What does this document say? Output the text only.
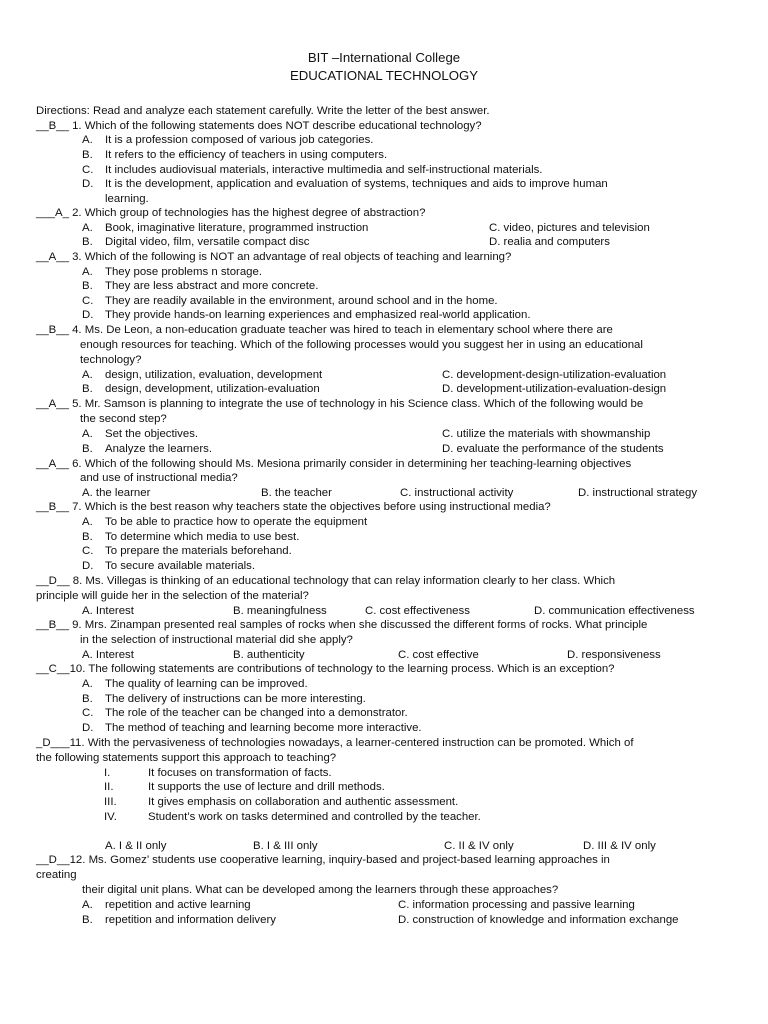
BIT –International College
EDUCATIONAL TECHNOLOGY
Directions: Read and analyze each statement carefully. Write the letter of the best answer.
__B__ 1. Which of the following statements does NOT describe educational technology?
A. It is a profession composed of various job categories.
B. It refers to the efficiency of teachers in using computers.
C. It includes audiovisual materials, interactive multimedia and self-instructional materials.
D. It is the development, application and evaluation of systems, techniques and aids to improve human
learning.
___A_ 2. Which group of technologies has the highest degree of abstraction?
A. Book, imaginative literature, programmed instruction	C. video, pictures and television
B. Digital video, film, versatile compact disc	D. realia and computers
__A__ 3. Which of the following is NOT an advantage of real objects of teaching and learning?
A. They pose problems n storage.
B. They are less abstract and more concrete.
C. They are readily available in the environment, around school and in the home.
D. They provide hands-on learning experiences and emphasized real-world application.
__B__ 4. Ms. De Leon, a non-education graduate teacher was hired to teach in elementary school where there are
enough resources for teaching. Which of the following processes would you suggest her in using an educational
technology?
A. design, utilization, evaluation, development	C. development-design-utilization-evaluation
B. design, development, utilization-evaluation	D. development-utilization-evaluation-design
__A__ 5. Mr. Samson is planning to integrate the use of technology in his Science class. Which of the following would be
the second step?
A. Set the objectives.	C. utilize the materials with showmanship
B. Analyze the learners.	D. evaluate the performance of the students
__A__ 6. Which of the following should Ms. Mesiona primarily consider in determining her teaching-learning objectives
and use of instructional media?
A. the learner	B. the teacher	C. instructional activity	D. instructional strategy
__B__ 7. Which is the best reason why teachers state the objectives before using instructional media?
A. To be able to practice how to operate the equipment
B. To determine which media to use best.
C. To prepare the materials beforehand.
D. To secure available materials.
__D__ 8. Ms. Villegas is thinking of an educational technology that can relay information clearly to her class. Which
principle will guide her in the selection of the material?
A. Interest	B. meaningfulness	C. cost effectiveness	D. communication effectiveness
__B__ 9. Mrs. Zinampan presented real samples of rocks when she discussed the different forms of rocks. What principle
in the selection of instructional material did she apply?
A. Interest	B. authenticity	C. cost effective	D. responsiveness
__C__10. The following statements are contributions of technology to the learning process. Which is an exception?
A. The quality of learning can be improved.
B. The delivery of instructions can be more interesting.
C. The role of the teacher can be changed into a demonstrator.
D. The method of teaching and learning become more interactive.
_D___11. With the pervasiveness of technologies nowadays, a learner-centered instruction can be promoted. Which of
the following statements support this approach to teaching?
I.	It focuses on transformation of facts.
II.	It supports the use of lecture and drill methods.
III.	It gives emphasis on collaboration and authentic assessment.
IV.	Student’s work on tasks determined and controlled by the teacher.
A. I & II only	B. I & III only	C. II & IV only	D. III & IV only
__D__12. Ms. Gomez’ students use cooperative learning, inquiry-based and project-based learning approaches in
creating
their digital unit plans. What can be developed among the learners through these approaches?
A. repetition and active learning	C. information processing and passive learning
B. repetition and information delivery	D. construction of knowledge and information exchange
